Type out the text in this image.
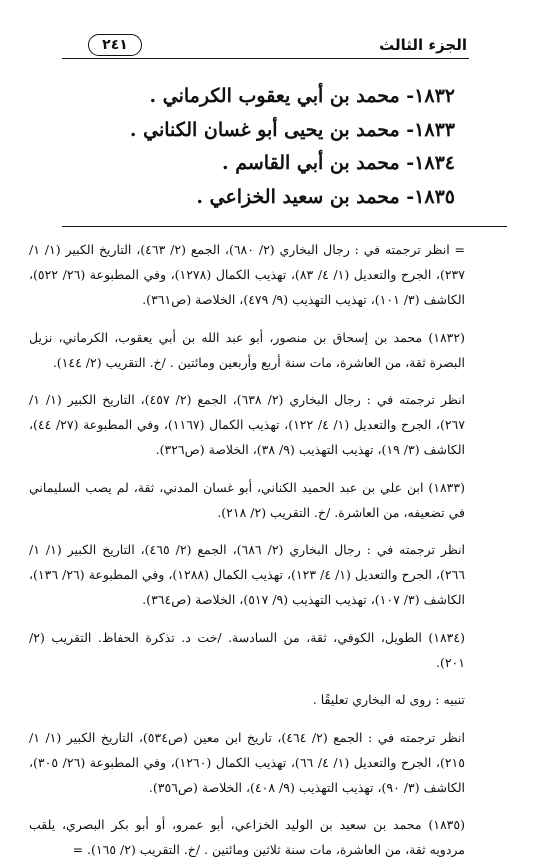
الجزء الثالث
٢٤١
١٨٣٢- محمد بن أبي يعقوب الكرماني .
١٨٣٣- محمد بن يحيى أبو غسان الكناني .
١٨٣٤- محمد بن أبي القاسم .
١٨٣٥- محمد بن سعيد الخزاعي .

= انظر ترجمته في : رجال البخاري (٢/ ٦٨٠)، الجمع (٢/ ٤٦٣)، التاريخ الكبير (١/ ١/ ٢٣٧)، الجرح والتعديل (١/ ٤/ ٨٣)، تهذيب الكمال (١٢٧٨)، وفي المطبوعة (٢٦/ ٥٢٢)، الكاشف (٣/ ١٠١)، تهذيب التهذيب (٩/ ٤٧٩)، الخلاصة (ص٣٦١).

(١٨٣٢) محمد بن إسحاق بن منصور، أبو عبد الله بن أبي يعقوب، الكرماني، نزيل البصرة ثقة، من العاشرة، مات سنة أربع وأربعين ومائتين . /خ. التقريب (٢/ ١٤٤).

انظر ترجمته في : رجال البخاري (٢/ ٦٣٨)، الجمع (٢/ ٤٥٧)، التاريخ الكبير (١/ ١/ ٢٦٧)، الجرح والتعديل (١/ ٤/ ١٢٢)، تهذيب الكمال (١١٦٧)، وفي المطبوعة (٢٧/ ٤٤)، الكاشف (٣/ ١٩)، تهذيب التهذيب (٩/ ٣٨)، الخلاصة (ص٣٢٦).

(١٨٣٣) ابن علي بن عبد الحميد الكناني، أبو غسان المدني، ثقة، لم يصب السليماني في تضعيفه، من العاشرة. /خ. التقريب (٢/ ٢١٨).

انظر ترجمته في : رجال البخاري (٢/ ٦٨٦)، الجمع (٢/ ٤٦٥)، التاريخ الكبير (١/ ١/ ٢٦٦)، الجرح والتعديل (١/ ٤/ ١٢٣)، تهذيب الكمال (١٢٨٨)، وفي المطبوعة (٢٦/ ١٣٦)، الكاشف (٣/ ١٠٧)، تهذيب التهذيب (٩/ ٥١٧)، الخلاصة (ص٣٦٤).

(١٨٣٤) الطويل، الكوفي، ثقة، من السادسة. /خت د. تذكرة الحفاظ. التقريب (٢/ ٢٠١).

تنبيه : روى له البخاري تعليقًا .

انظر ترجمته في : الجمع (٢/ ٤٦٤)، تاريخ ابن معين (ص٥٣٤)، التاريخ الكبير (١/ ١/ ٢١٥)، الجرح والتعديل (١/ ٤/ ٦٦)، تهذيب الكمال (١٢٦٠)، وفي المطبوعة (٢٦/ ٣٠٥)، الكاشف (٣/ ٩٠)، تهذيب التهذيب (٩/ ٤٠٨)، الخلاصة (ص٣٥٦).

(١٨٣٥) محمد بن سعيد بن الوليد الخزاعي، أبو عمرو، أو أبو بكر البصري، يلقب مردويه ثقة، من العاشرة، مات سنة ثلاثين ومائتين . /خ. التقريب (٢/ ١٦٥). =
